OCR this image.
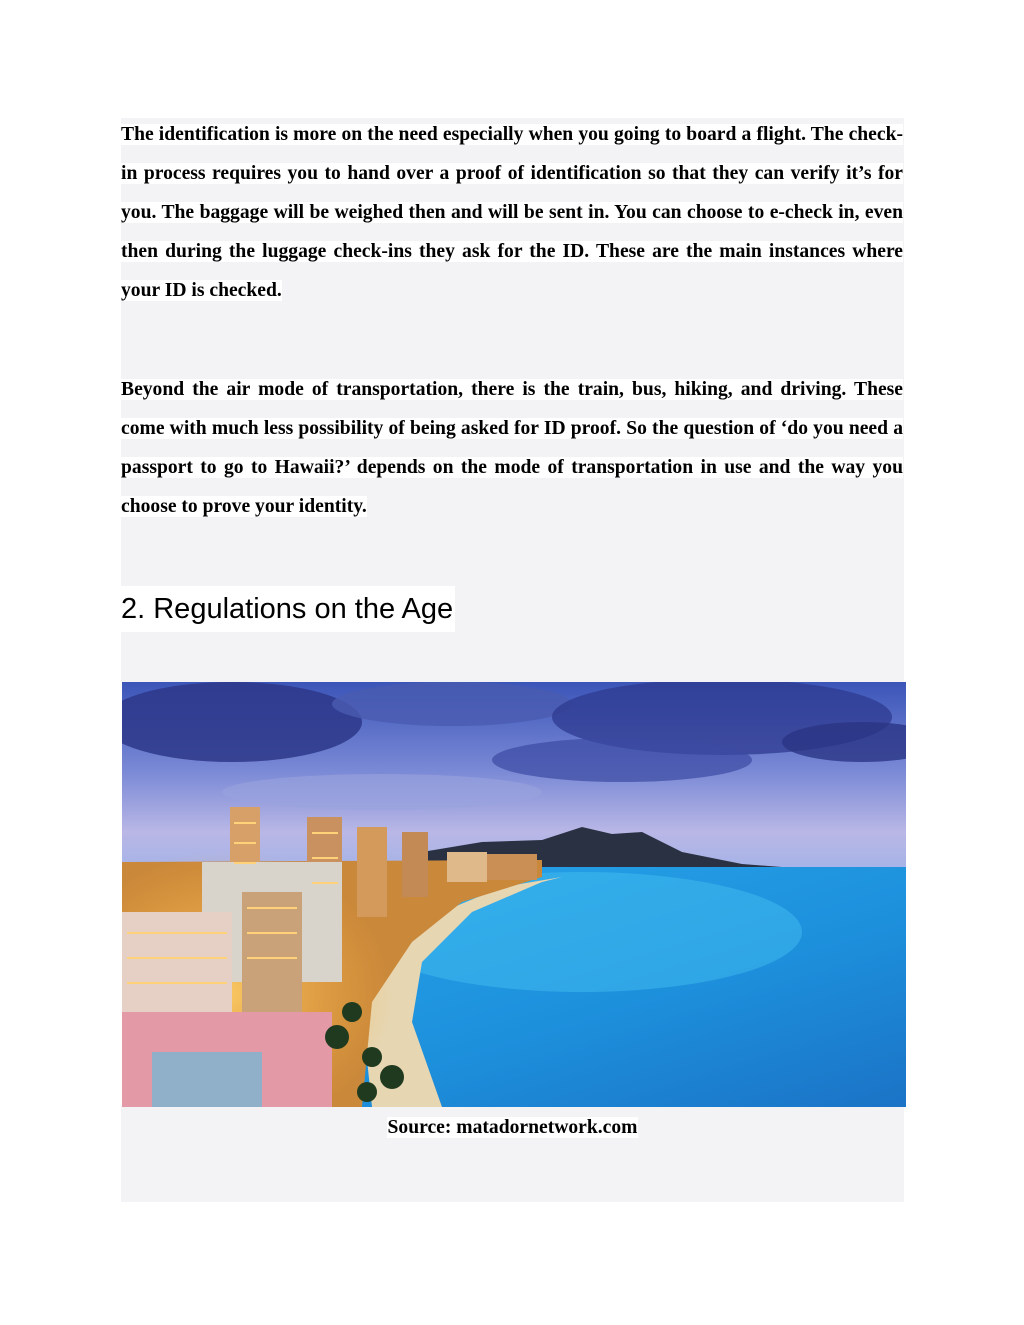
The identification is more on the need especially when you going to board a flight. The check-in process requires you to hand over a proof of identification so that they can verify it’s for you. The baggage will be weighed then and will be sent in. You can choose to e-check in, even then during the luggage check-ins they ask for the ID. These are the main instances where your ID is checked.

Beyond the air mode of transportation, there is the train, bus, hiking, and driving. These come with much less possibility of being asked for ID proof. So the question of ‘do you need a passport to go to Hawaii?’ depends on the mode of transportation in use and the way you choose to prove your identity.

2. Regulations on the Age

Source: matadornetwork.com
